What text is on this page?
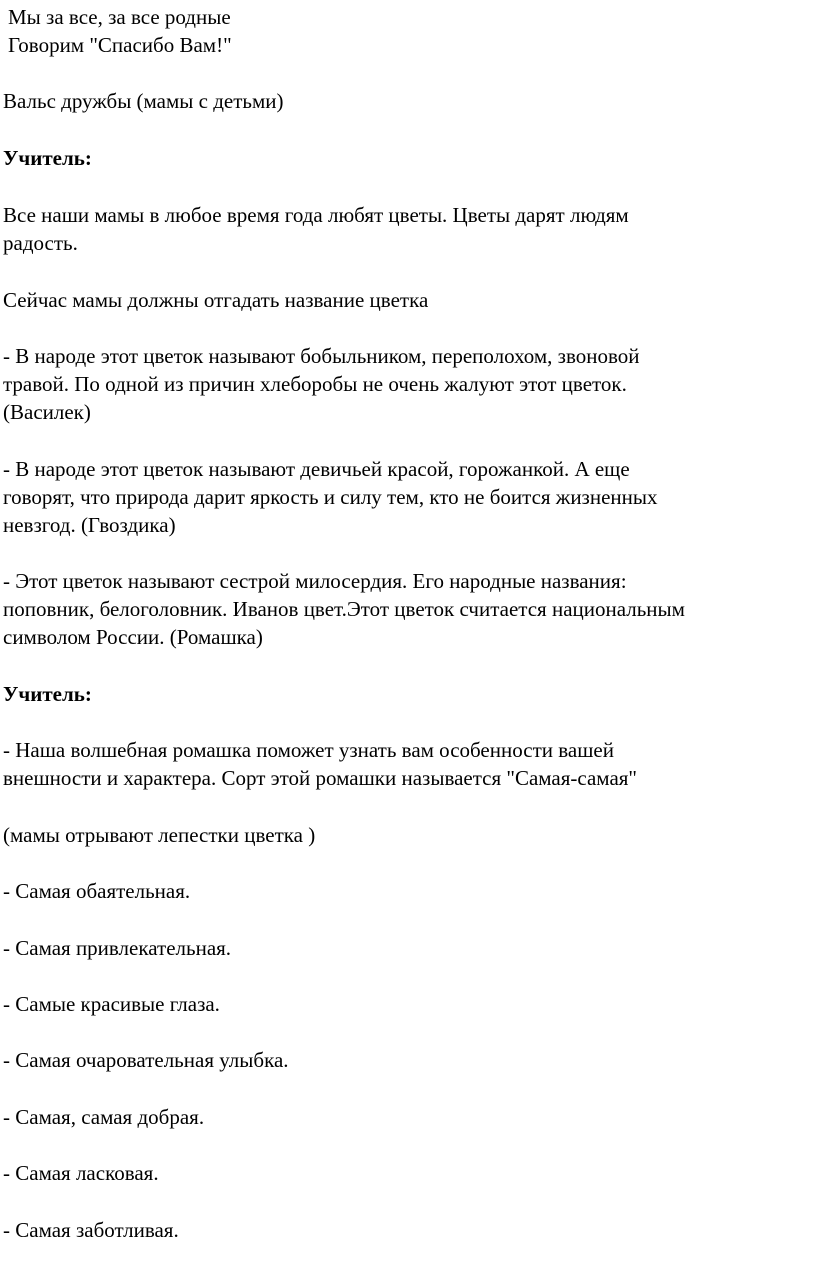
Мы за все, за все родные
Говорим "Спасибо Вам!"
Вальс дружбы (мамы с детьми)
Учитель:
Все наши мамы в любое время года любят цветы. Цветы дарят людям
радость.
Сейчас мамы должны отгадать название цветка
- В народе этот цветок называют бобыльником, переполохом, звоновой
травой. По одной из причин хлеборобы не очень жалуют этот цветок.
(Василек)
- В народе этот цветок называют девичьей красой, горожанкой. А еще
говорят, что природа дарит яркость и силу тем, кто не боится жизненных
невзгод. (Гвоздика)
- Этот цветок называют сестрой милосердия. Его народные названия:
поповник, белоголовник. Иванов цвет.Этот цветок считается национальным
символом России. (Ромашка)
Учитель:
- Наша волшебная ромашка поможет узнать вам особенности вашей
внешности и характера. Сорт этой ромашки называется "Самая-самая"
(мамы отрывают лепестки цветка )
- Самая обаятельная.
- Самая привлекательная.
- Самые красивые глаза.
- Самая очаровательная улыбка.
- Самая, самая добрая.
- Самая ласковая.
- Самая заботливая.
